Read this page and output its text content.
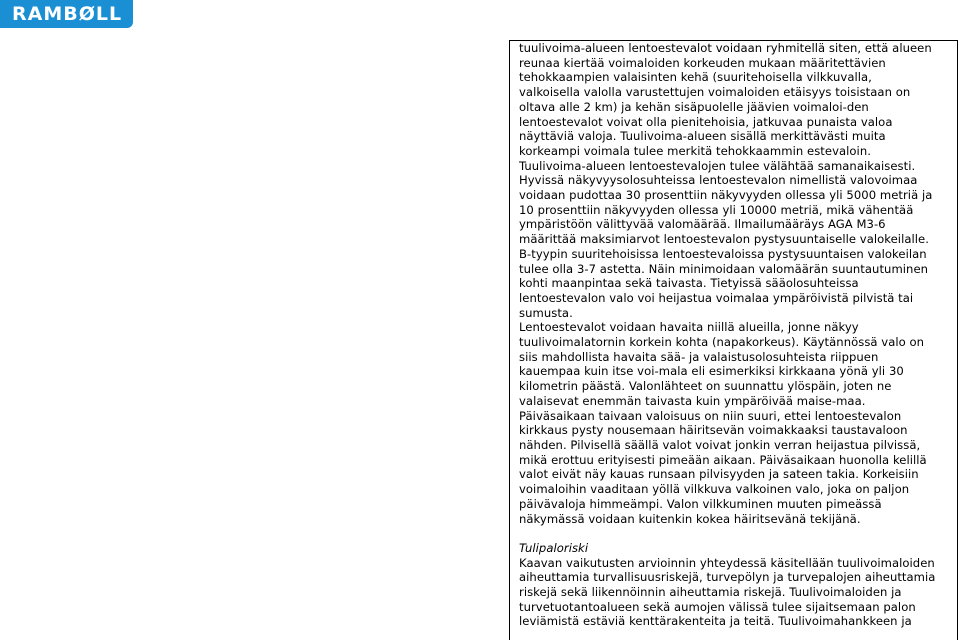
RAMBØLL
tuulivoima-alueen lentoestevalot voidaan ryhmitellä siten, että alueen
reunaa kiertää voimaloiden korkeuden mukaan määritettävien
tehokkaampien valaisinten kehä (suuritehoisella vilkkuvalla,
valkoisella valolla varustettujen voimaloiden etäisyys toisistaan on
oltava alle 2 km) ja kehän sisäpuolelle jäävien voimaloi-den
lentoestevalot voivat olla pienitehoisia, jatkuvaa punaista valoa
näyttäviä valoja. Tuulivoima-alueen sisällä merkittävästi muita
korkeampi voimala tulee merkitä tehokkaammin estevaloin.
Tuulivoima-alueen lentoestevalojen tulee välähtää samanaikaisesti.
Hyvissä näkyvyysolosuhteissa lentoestevalon nimellistä valovoimaa
voidaan pudottaa 30 prosenttiin näkyvyyden ollessa yli 5000 metriä ja
10 prosenttiin näkyvyyden ollessa yli 10000 metriä, mikä vähentää
ympäristöön välittyvää valomäärää. Ilmailumääräys AGA M3-6
määrittää maksimiarvot lentoestevalon pystysuuntaiselle valokeilalle.
B-tyypin suuritehoisissa lentoestevaloissa pystysuuntaisen valokeilan
tulee olla 3-7 astetta. Näin minimoidaan valomäärän suuntautuminen
kohti maanpintaa sekä taivasta. Tietyissä sääolosuhteissa
lentoestevalon valo voi heijastua voimalaa ympäröivistä pilvistä tai
sumusta.
Lentoestevalot voidaan havaita niillä alueilla, jonne näkyy
tuulivoimalatornin korkein kohta (napakorkeus). Käytännössä valo on
siis mahdollista havaita sää- ja valaistusolosuhteista riippuen
kauempaa kuin itse voi-mala eli esimerkiksi kirkkaana yönä yli 30
kilometrin päästä. Valonlähteet on suunnattu ylöspäin, joten ne
valaisevat enemmän taivasta kuin ympäröivää maise-maa.
Päiväsaikaan taivaan valoisuus on niin suuri, ettei lentoestevalon
kirkkaus pysty nousemaan häiritsevän voimakkaaksi taustavaloon
nähden. Pilvisellä säällä valot voivat jonkin verran heijastua pilvissä,
mikä erottuu erityisesti pimeään aikaan. Päiväsaikaan huonolla kelillä
valot eivät näy kauas runsaan pilvisyyden ja sateen takia. Korkeisiin
voimaloihin vaaditaan yöllä vilkkuva valkoinen valo, joka on paljon
päivävaloja himmeämpi. Valon vilkkuminen muuten pimeässä
näkymässä voidaan kuitenkin kokea häiritsevänä tekijänä.
Tulipaloriski
Kaavan vaikutusten arvioinnin yhteydessä käsitellään tuulivoimaloiden
aiheuttamia turvallisuusriskejä, turvepölyn ja turvepalojen aiheuttamia
riskejä sekä liikennöinnin aiheuttamia riskejä. Tuulivoimaloiden ja
turvetuotantoalueen sekä aumojen välissä tulee sijaitsemaan palon
leviämistä estäviä kenttärakenteita ja teitä. Tuulivoimahankkeen ja
